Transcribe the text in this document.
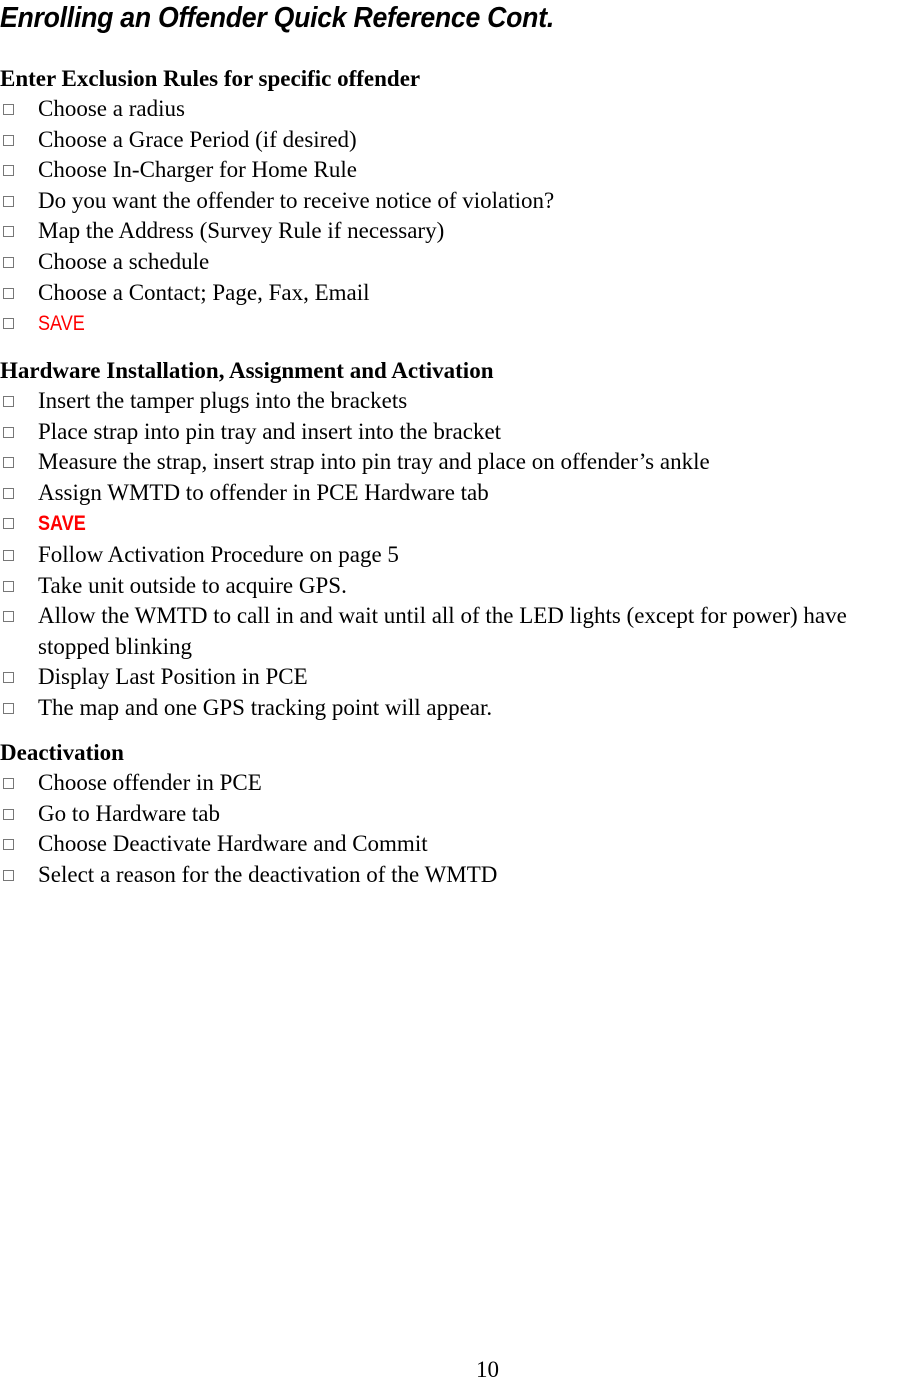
Enrolling an Offender Quick Reference Cont.
Enter Exclusion Rules for specific offender
Choose a radius
Choose a Grace Period (if desired)
Choose In-Charger for Home Rule
Do you want the offender to receive notice of violation?
Map the Address (Survey Rule if necessary)
Choose a schedule
Choose a Contact; Page, Fax, Email
SAVE
Hardware Installation, Assignment and Activation
Insert the tamper plugs into the brackets
Place strap into pin tray and insert into the bracket
Measure the strap, insert strap into pin tray and place on offender’s ankle
Assign WMTD to offender in PCE Hardware tab
SAVE
Follow Activation Procedure on page 5
Take unit outside to acquire GPS.
Allow the WMTD to call in and wait until all of the LED lights (except for power) have stopped blinking
Display Last Position in PCE
The map and one GPS tracking point will appear.
Deactivation
Choose offender in PCE
Go to Hardware tab
Choose Deactivate Hardware and Commit
Select a reason for the deactivation of the WMTD
10
